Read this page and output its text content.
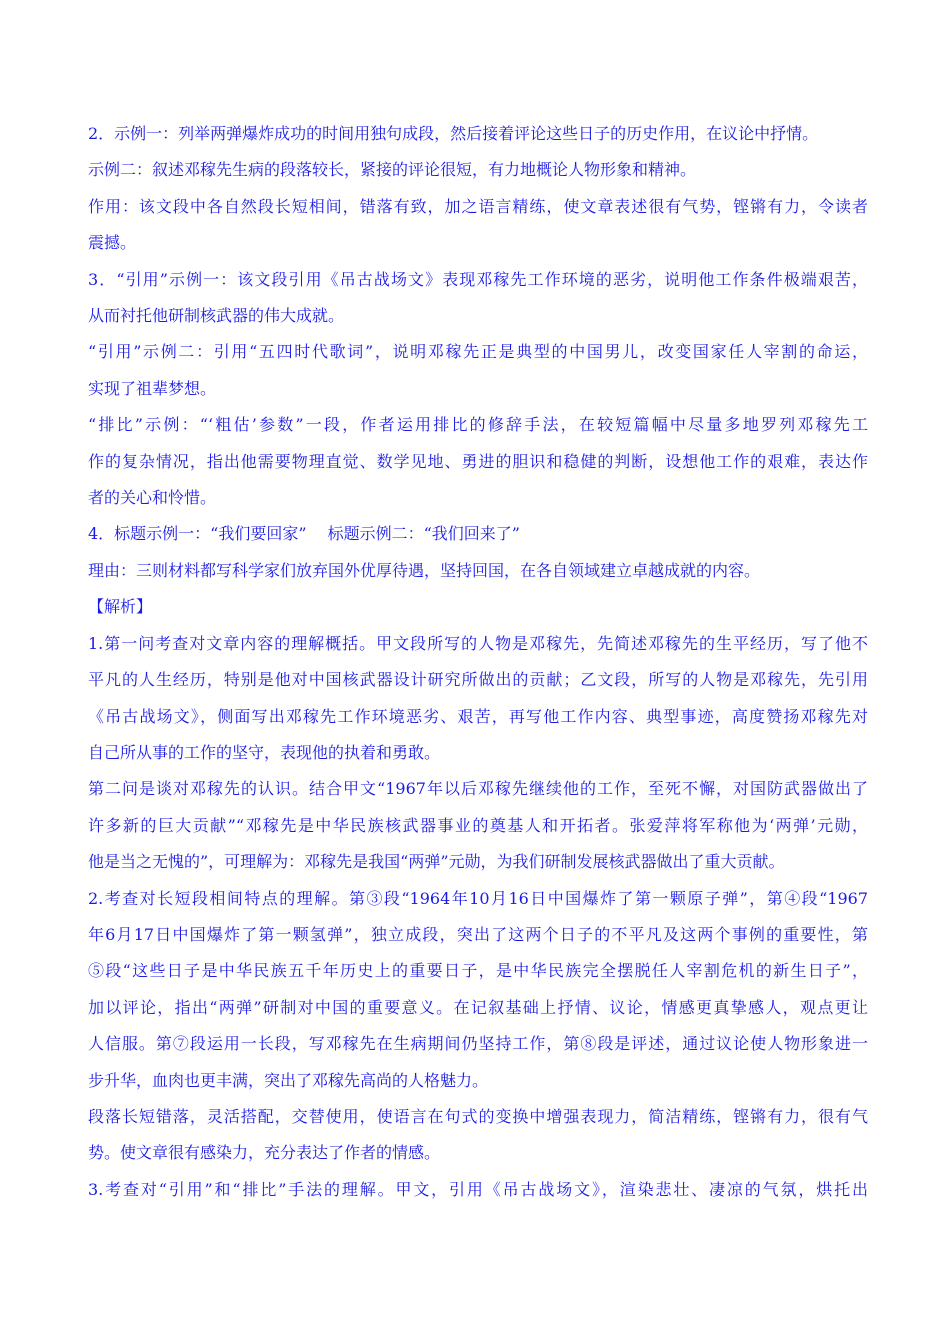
2．示例一：列举两弹爆炸成功的时间用独句成段，然后接着评论这些日子的历史作用，在议论中抒情。
示例二：叙述邓稼先生病的段落较长，紧接的评论很短，有力地概论人物形象和精神。
作用：该文段中各自然段长短相间，错落有致，加之语言精练，使文章表述很有气势，铿锵有力，令读者
震撼。
3．“引用”示例一：该文段引用《吊古战场文》表现邓稼先工作环境的恶劣，说明他工作条件极端艰苦，
从而衬托他研制核武器的伟大成就。
“引用”示例二：引用“五四时代歌词”，说明邓稼先正是典型的中国男儿，改变国家任人宰割的命运，
实现了祖辈梦想。
“排比”示例：“‘粗估’参数”一段，作者运用排比的修辞手法，在较短篇幅中尽量多地罗列邓稼先工
作的复杂情况，指出他需要物理直觉、数学见地、勇进的胆识和稳健的判断，设想他工作的艰难，表达作
者的关心和怜惜。
4．标题示例一：“我们要回家”　 标题示例二：“我们回来了”
理由：三则材料都写科学家们放弃国外优厚待遇，坚持回国，在各自领域建立卓越成就的内容。
【解析】
1.第一问考查对文章内容的理解概括。甲文段所写的人物是邓稼先，先简述邓稼先的生平经历，写了他不
平凡的人生经历，特别是他对中国核武器设计研究所做出的贡献；乙文段，所写的人物是邓稼先，先引用
《吊古战场文》，侧面写出邓稼先工作环境恶劣、艰苦，再写他工作内容、典型事迹，高度赞扬邓稼先对
自己所从事的工作的坚守，表现他的执着和勇敢。
第二问是谈对邓稼先的认识。结合甲文“1967年以后邓稼先继续他的工作，至死不懈，对国防武器做出了
许多新的巨大贡献”“邓稼先是中华民族核武器事业的奠基人和开拓者。张爱萍将军称他为‘两弹’元勋，
他是当之无愧的”，可理解为：邓稼先是我国“两弹”元勋，为我们研制发展核武器做出了重大贡献。
2.考查对长短段相间特点的理解。第③段“1964年10月16日中国爆炸了第一颗原子弹”，第④段“1967
年6月17日中国爆炸了第一颗氢弹”，独立成段，突出了这两个日子的不平凡及这两个事例的重要性，第
⑤段“这些日子是中华民族五千年历史上的重要日子，是中华民族完全摆脱任人宰割危机的新生日子”，
加以评论，指出“两弹”研制对中国的重要意义。在记叙基础上抒情、议论，情感更真挚感人，观点更让
人信服。第⑦段运用一长段，写邓稼先在生病期间仍坚持工作，第⑧段是评述，通过议论使人物形象进一
步升华，血肉也更丰满，突出了邓稼先高尚的人格魅力。
段落长短错落，灵活搭配，交替使用，使语言在句式的变换中增强表现力，简洁精练，铿锵有力，很有气
势。使文章很有感染力，充分表达了作者的情感。
3.考查对“引用”和“排比”手法的理解。甲文，引用《吊古战场文》，渲染悲壮、凄凉的气氛，烘托出
